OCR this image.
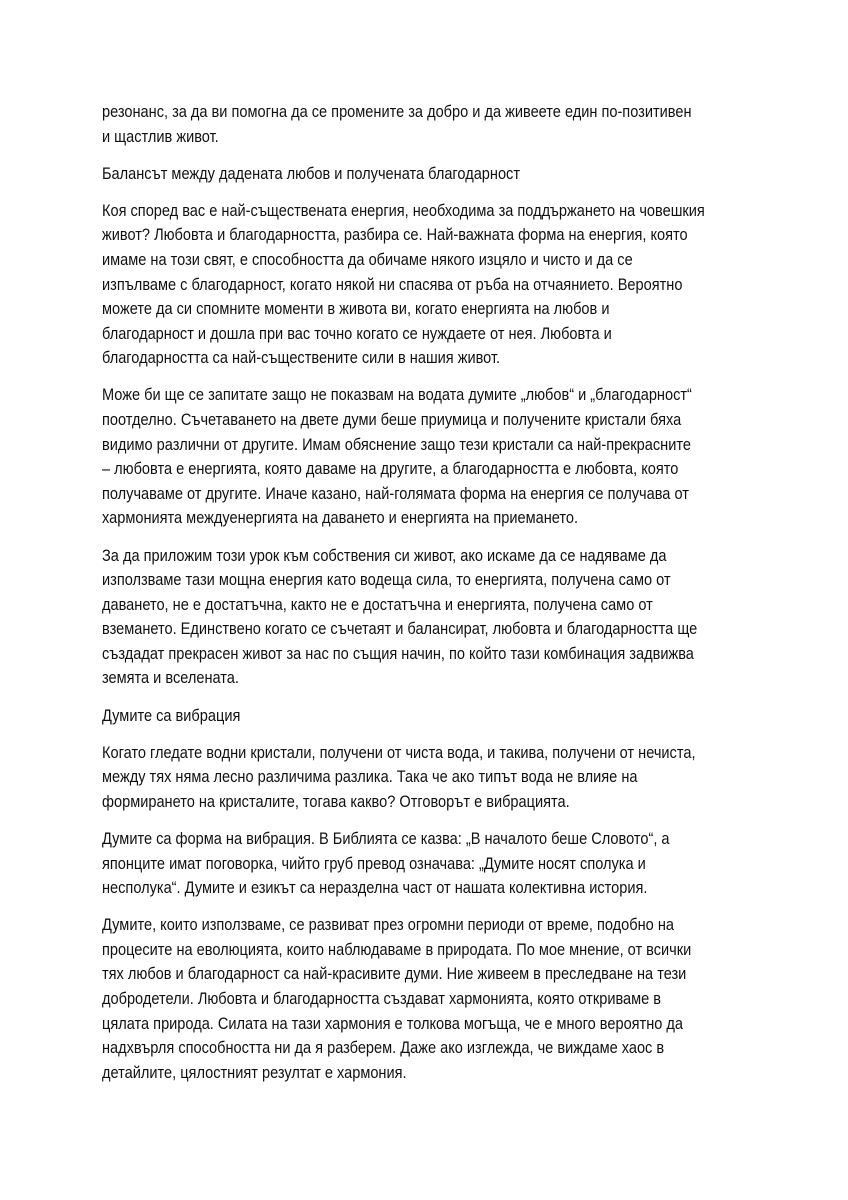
резонанс, за да ви помогна да се промените за добро и да живеете един по-позитивен
и щастлив живот.
Балансът между дадената любов и получената благодарност
Коя според вас е най-съществената енергия, необходима за поддържането на човешкия
живот? Любовта и благодарността, разбира се. Най-важната форма на енергия, която
имаме на този свят, е способността да обичаме някого изцяло и чисто и да се
изпълваме с благодарност, когато някой ни спасява от ръба на отчаянието. Вероятно
можете да си спомните моменти в живота ви, когато енергията на любов и
благодарност и дошла при вас точно когато се нуждаете от нея. Любовта и
благодарността са най-съществените сили в нашия живот.
Може би ще се запитате защо не показвам на водата думите „любов“ и „благодарност“
поотделно. Съчетаването на двете думи беше приумица и получените кристали бяха
видимо различни от другите. Имам обяснение защо тези кристали са най-прекрасните
– любовта е енергията, която даваме на другите, а благодарността е любовта, която
получаваме от другите. Иначе казано, най-голямата форма на енергия се получава от
хармонията междуенергията на даването и енергията на приемането.
За да приложим този урок към собствения си живот, ако искаме да се надяваме да
използваме тази мощна енергия като водеща сила, то енергията, получена само от
даването, не е достатъчна, както не е достатъчна и енергията, получена само от
вземането. Единствено когато се съчетаят и балансират, любовта и благодарността ще
създадат прекрасен живот за нас по същия начин, по който тази комбинация задвижва
земята и вселената.
Думите са вибрация
Когато гледате водни кристали, получени от чиста вода, и такива, получени от нечиста,
между тях няма лесно различима разлика. Така че ако типът вода не влияе на
формирането на кристалите, тогава какво? Отговорът е вибрацията.
Думите са форма на вибрация. В Библията се казва: „В началото беше Словото“, а
японците имат поговорка, чийто груб превод означава: „Думите носят сполука и
несполука“. Думите и езикът са неразделна част от нашата колективна история.
Думите, които използваме, се развиват през огромни периоди от време, подобно на
процесите на еволюцията, които наблюдаваме в природата. По мое мнение, от всички
тях любов и благодарност са най-красивите думи. Ние живеем в преследване на тези
добродетели. Любовта и благодарността създават хармонията, която откриваме в
цялата природа. Силата на тази хармония е толкова могъща, че е много вероятно да
надхвърля способността ни да я разберем. Даже ако изглежда, че виждаме хаос в
детайлите, цялостният резултат е хармония.
